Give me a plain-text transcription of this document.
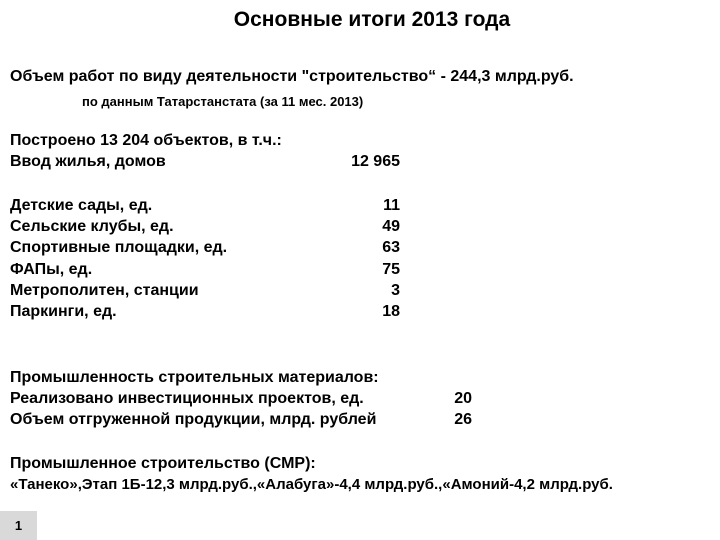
Основные итоги 2013 года
Объем работ по виду деятельности "строительство“ - 244,3 млрд.руб.
по данным Татарстанстата (за 11 мес. 2013)
Построено 13 204 объектов, в т.ч.:
Ввод жилья, домов	12 965
Детские сады, ед.	11
Сельские клубы, ед.	49
Спортивные площадки, ед.	63
ФАПы, ед.	75
Метрополитен, станции	3
Паркинги, ед.	18
Промышленность строительных материалов:
Реализовано инвестиционных проектов, ед.	20
Объем отгруженной продукции, млрд. рублей	26
Промышленное строительство (СМР):
«Танеко»,Этап 1Б-12,3 млрд.руб.,«Алабуга»-4,4 млрд.руб.,«Амоний-4,2 млрд.руб.
1
